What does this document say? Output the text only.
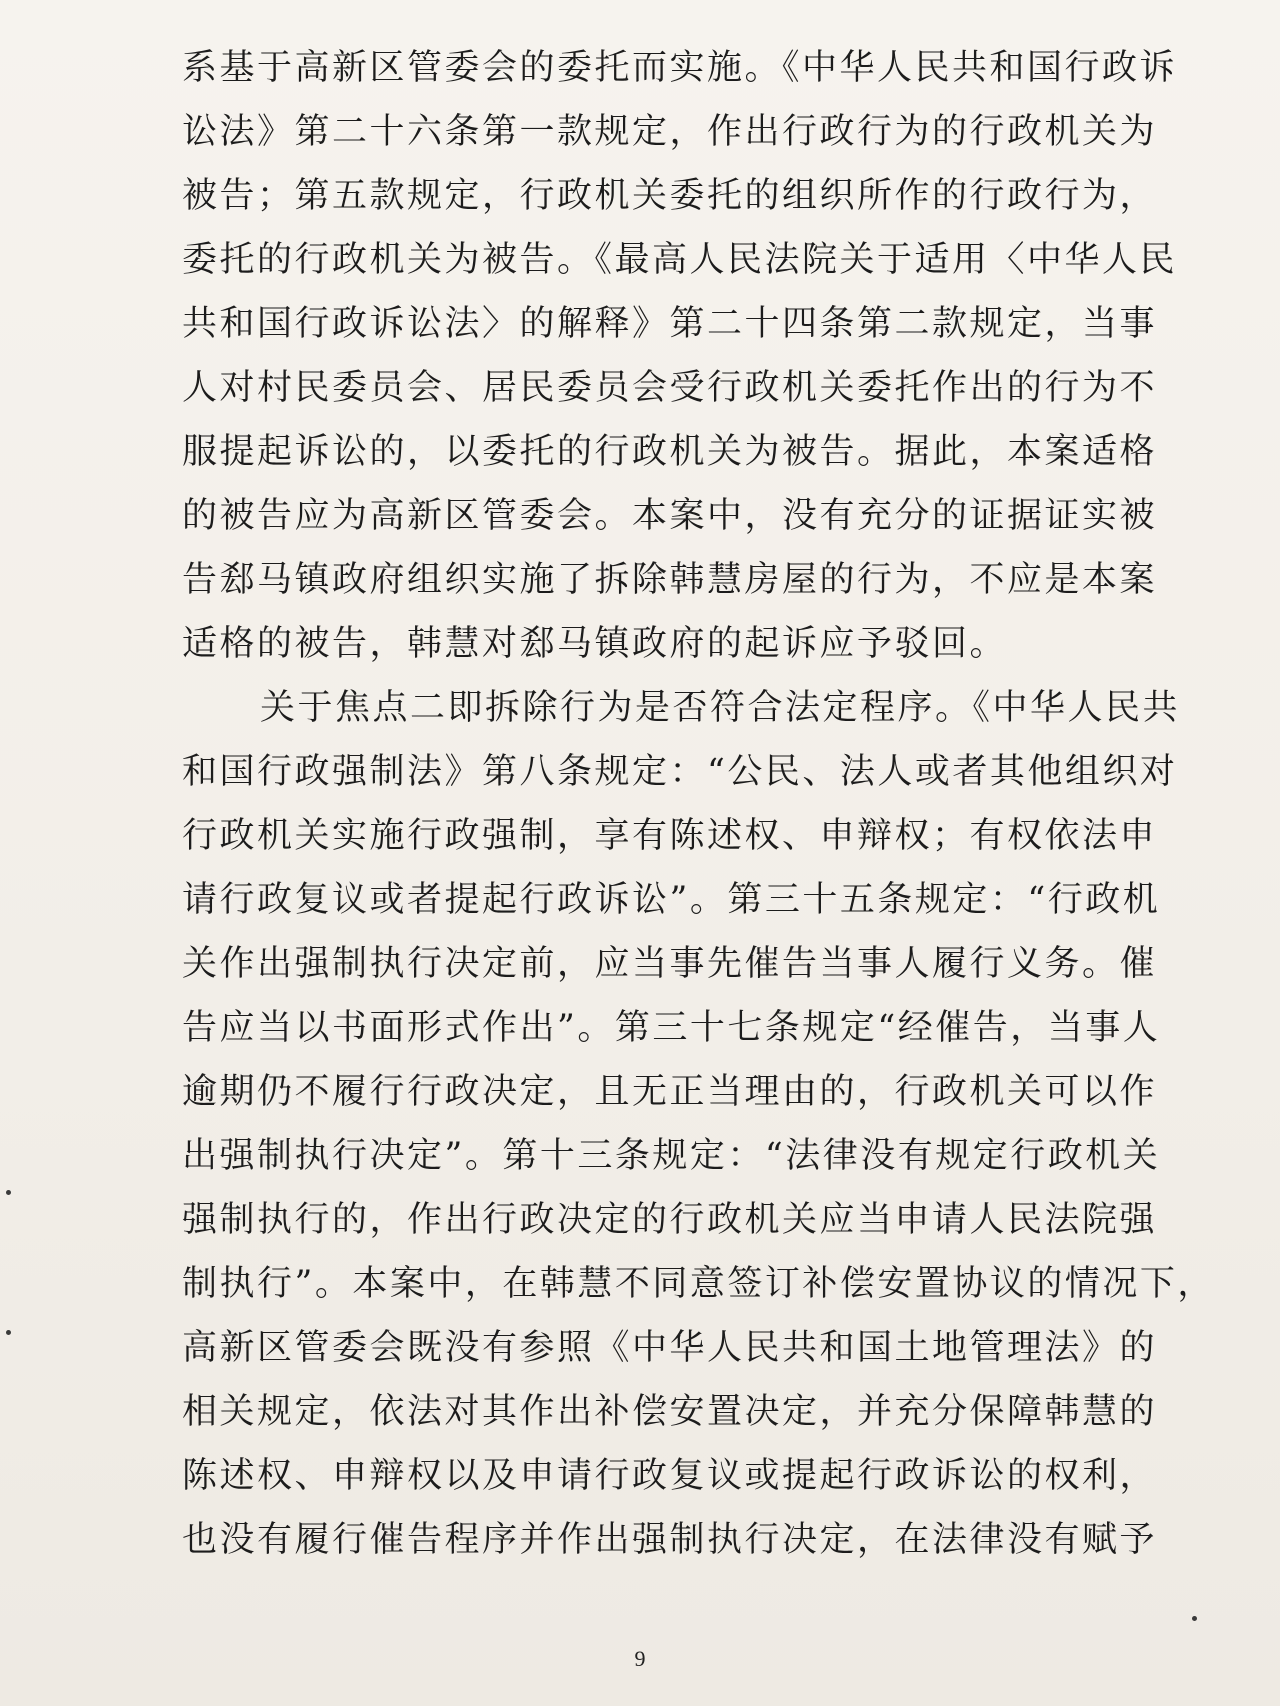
系基于高新区管委会的委托而实施。《中华人民共和国行政诉
讼法》第二十六条第一款规定，作出行政行为的行政机关为
被告；第五款规定，行政机关委托的组织所作的行政行为，
委托的行政机关为被告。《最高人民法院关于适用〈中华人民
共和国行政诉讼法〉的解释》第二十四条第二款规定，当事
人对村民委员会、居民委员会受行政机关委托作出的行为不
服提起诉讼的，以委托的行政机关为被告。据此，本案适格
的被告应为高新区管委会。本案中，没有充分的证据证实被
告郄马镇政府组织实施了拆除韩慧房屋的行为，不应是本案
适格的被告，韩慧对郄马镇政府的起诉应予驳回。
关于焦点二即拆除行为是否符合法定程序。《中华人民共
和国行政强制法》第八条规定：“公民、法人或者其他组织对
行政机关实施行政强制，享有陈述权、申辩权；有权依法申
请行政复议或者提起行政诉讼”。第三十五条规定：“行政机
关作出强制执行决定前，应当事先催告当事人履行义务。催
告应当以书面形式作出”。第三十七条规定“经催告，当事人
逾期仍不履行行政决定，且无正当理由的，行政机关可以作
出强制执行决定”。第十三条规定：“法律没有规定行政机关
强制执行的，作出行政决定的行政机关应当申请人民法院强
制执行”。本案中，在韩慧不同意签订补偿安置协议的情况下，
高新区管委会既没有参照《中华人民共和国土地管理法》的
相关规定，依法对其作出补偿安置决定，并充分保障韩慧的
陈述权、申辩权以及申请行政复议或提起行政诉讼的权利，
也没有履行催告程序并作出强制执行决定，在法律没有赋予
9
